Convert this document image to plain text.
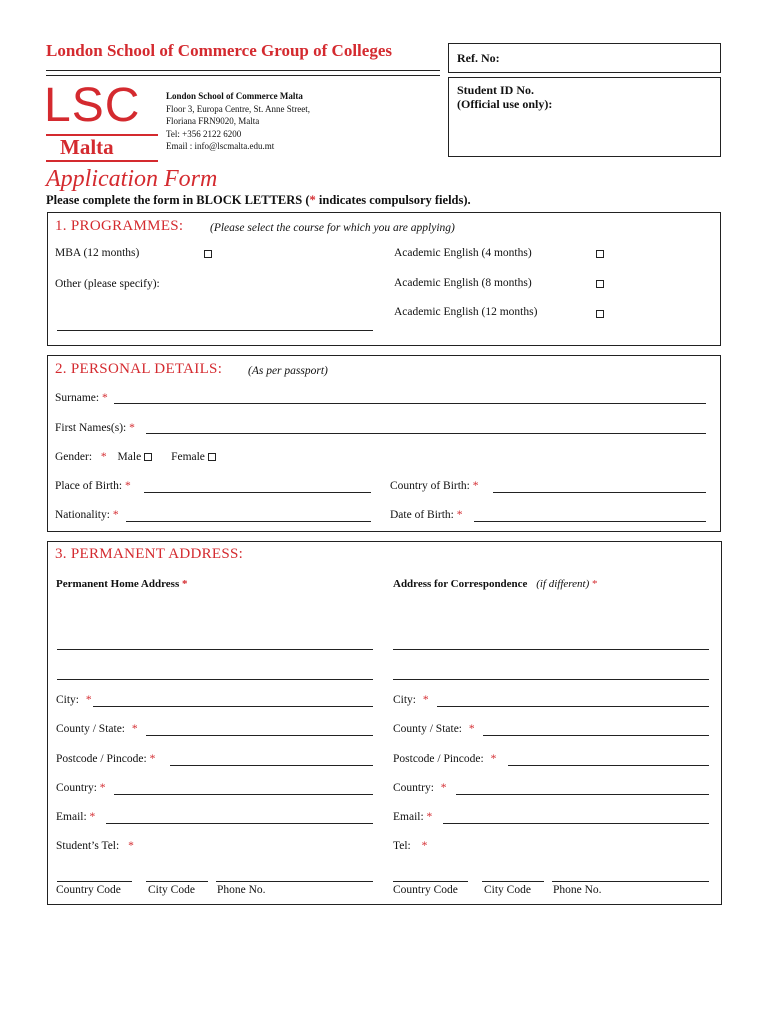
London School of Commerce Group of Colleges
LSC
Malta
London School of Commerce Malta
Floor 3, Europa Centre, St. Anne Street,
Floriana FRN9020, Malta
Tel: +356 2122 6200
Email : info@lscmalta.edu.mt
Ref. No:
Student ID No.
(Official use only):
Application Form
Please complete the form in BLOCK LETTERS (* indicates compulsory fields).
1. PROGRAMMES: (Please select the course for which you are applying)
MBA (12 months)
Other (please specify):
Academic English (4 months)
Academic English (8 months)
Academic English (12 months)
2. PERSONAL DETAILS: (As per passport)
Surname: *
First Names(s): *
Gender: * Male	Female
Place of Birth: *	Country of Birth: *
Nationality: *	Date of Birth: *
3. PERMANENT ADDRESS:
Permanent Home Address *
City: *
County / State: *
Postcode / Pincode: *
Country: *
Email: *
Student’s Tel: *
Country Code City Code Phone No.
Address for Correspondence (if different) *
City: *
County / State: *
Postcode / Pincode: *
Country: *
Email: *
Tel: *
Country Code City Code Phone No.
